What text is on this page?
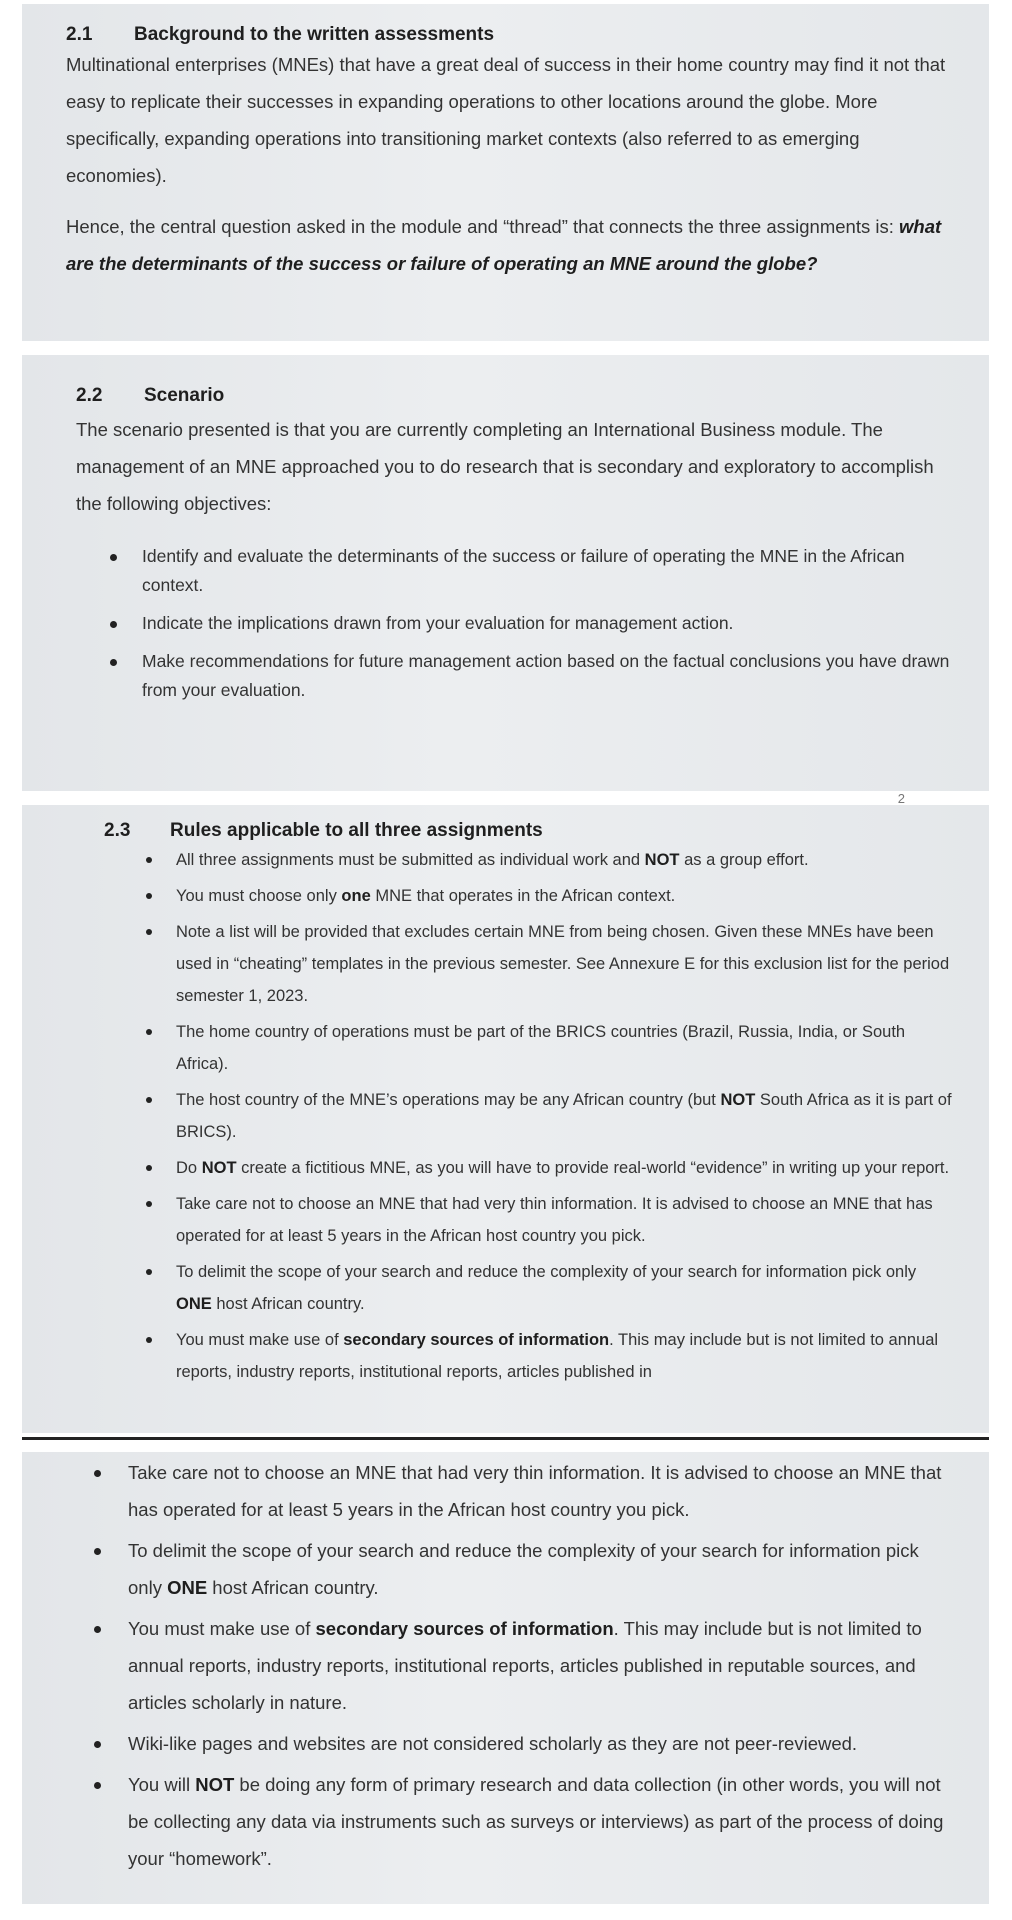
2.1	Background to the written assessments
Multinational enterprises (MNEs) that have a great deal of success in their home country may find it not that easy to replicate their successes in expanding operations to other locations around the globe. More specifically, expanding operations into transitioning market contexts (also referred to as emerging economies).
Hence, the central question asked in the module and “thread” that connects the three assignments is: what are the determinants of the success or failure of operating an MNE around the globe?
2.2	Scenario
The scenario presented is that you are currently completing an International Business module. The management of an MNE approached you to do research that is secondary and exploratory to accomplish the following objectives:
Identify and evaluate the determinants of the success or failure of operating the MNE in the African context.
Indicate the implications drawn from your evaluation for management action.
Make recommendations for future management action based on the factual conclusions you have drawn from your evaluation.
2
2.3	Rules applicable to all three assignments
All three assignments must be submitted as individual work and NOT as a group effort.
You must choose only one MNE that operates in the African context.
Note a list will be provided that excludes certain MNE from being chosen. Given these MNEs have been used in “cheating” templates in the previous semester. See Annexure E for this exclusion list for the period semester 1, 2023.
The home country of operations must be part of the BRICS countries (Brazil, Russia, India, or South Africa).
The host country of the MNE’s operations may be any African country (but NOT South Africa as it is part of BRICS).
Do NOT create a fictitious MNE, as you will have to provide real-world “evidence” in writing up your report.
Take care not to choose an MNE that had very thin information. It is advised to choose an MNE that has operated for at least 5 years in the African host country you pick.
To delimit the scope of your search and reduce the complexity of your search for information pick only ONE host African country.
You must make use of secondary sources of information. This may include but is not limited to annual reports, industry reports, institutional reports, articles published in
Take care not to choose an MNE that had very thin information. It is advised to choose an MNE that has operated for at least 5 years in the African host country you pick.
To delimit the scope of your search and reduce the complexity of your search for information pick only ONE host African country.
You must make use of secondary sources of information. This may include but is not limited to annual reports, industry reports, institutional reports, articles published in reputable sources, and articles scholarly in nature.
Wiki-like pages and websites are not considered scholarly as they are not peer-reviewed.
You will NOT be doing any form of primary research and data collection (in other words, you will not be collecting any data via instruments such as surveys or interviews) as part of the process of doing your “homework”.
